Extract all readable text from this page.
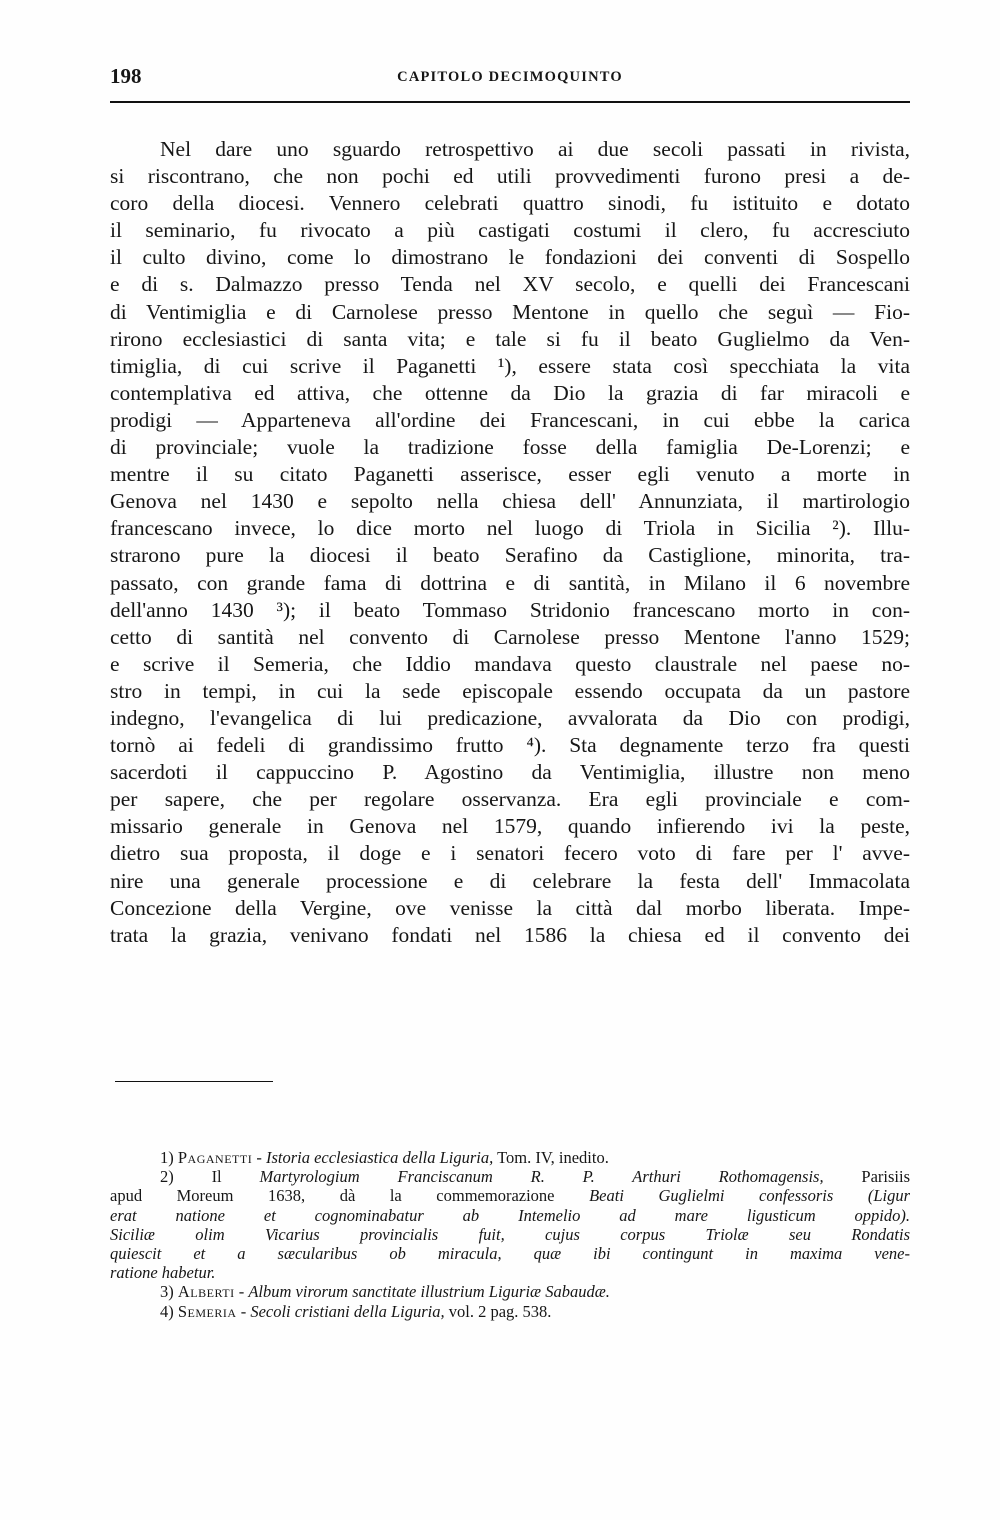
198	CAPITOLO DECIMOQUINTO
Nel dare uno sguardo retrospettivo ai due secoli passati in rivista,
si riscontrano, che non pochi ed utili provvedimenti furono presi a de-
coro della diocesi. Vennero celebrati quattro sinodi, fu istituito e dotato
il seminario, fu rivocato a più castigati costumi il clero, fu accresciuto
il culto divino, come lo dimostrano le fondazioni dei conventi di Sospello
e di s. Dalmazzo presso Tenda nel XV secolo, e quelli dei Francescani
di Ventimiglia e di Carnolese presso Mentone in quello che seguì — Fio-
rirono ecclesiastici di santa vita; e tale si fu il beato Guglielmo da Ven-
timiglia, di cui scrive il Paganetti ¹), essere stata così specchiata la vita
contemplativa ed attiva, che ottenne da Dio la grazia di far miracoli e
prodigi — Apparteneva all'ordine dei Francescani, in cui ebbe la carica
di provinciale; vuole la tradizione fosse della famiglia De-Lorenzi; e
mentre il su citato Paganetti asserisce, esser egli venuto a morte in
Genova nel 1430 e sepolto nella chiesa dell' Annunziata, il martirologio
francescano invece, lo dice morto nel luogo di Triola in Sicilia ²). Illu-
strarono pure la diocesi il beato Serafino da Castiglione, minorita, tra-
passato, con grande fama di dottrina e di santità, in Milano il 6 novembre
dell'anno 1430 ³); il beato Tommaso Stridonio francescano morto in con-
cetto di santità nel convento di Carnolese presso Mentone l'anno 1529;
e scrive il Semeria, che Iddio mandava questo claustrale nel paese no-
stro in tempi, in cui la sede episcopale essendo occupata da un pastore
indegno, l'evangelica di lui predicazione, avvalorata da Dio con prodigi,
tornò ai fedeli di grandissimo frutto ⁴). Sta degnamente terzo fra questi
sacerdoti il cappuccino P. Agostino da Ventimiglia, illustre non meno
per sapere, che per regolare osservanza. Era egli provinciale e com-
missario generale in Genova nel 1579, quando infierendo ivi la peste,
dietro sua proposta, il doge e i senatori fecero voto di fare per l' avve-
nire una generale processione e di celebrare la festa dell' Immacolata
Concezione della Vergine, ove venisse la città dal morbo liberata. Impe-
trata la grazia, venivano fondati nel 1586 la chiesa ed il convento dei
1) Paganetti - Istoria ecclesiastica della Liguria, Tom. IV, inedito.
2) Il Martyrologium Franciscanum R. P. Arthuri Rothomagensis, Parisiis
apud Moreum 1638, dà la commemorazione Beati Guglielmi confessoris (Ligur
erat natione et cognominabatur ab Intemelio ad mare ligusticum oppido).
Siciliæ olim Vicarius provincialis fuit, cujus corpus Triolæ seu Rondatis
quiescit et a sæcularibus ob miracula, quæ ibi contingunt in maxima vene-
ratione habetur.
3) Alberti - Album virorum sanctitate illustrium Liguriæ Sabaudæ.
4) Semeria - Secoli cristiani della Liguria, vol. 2 pag. 538.
